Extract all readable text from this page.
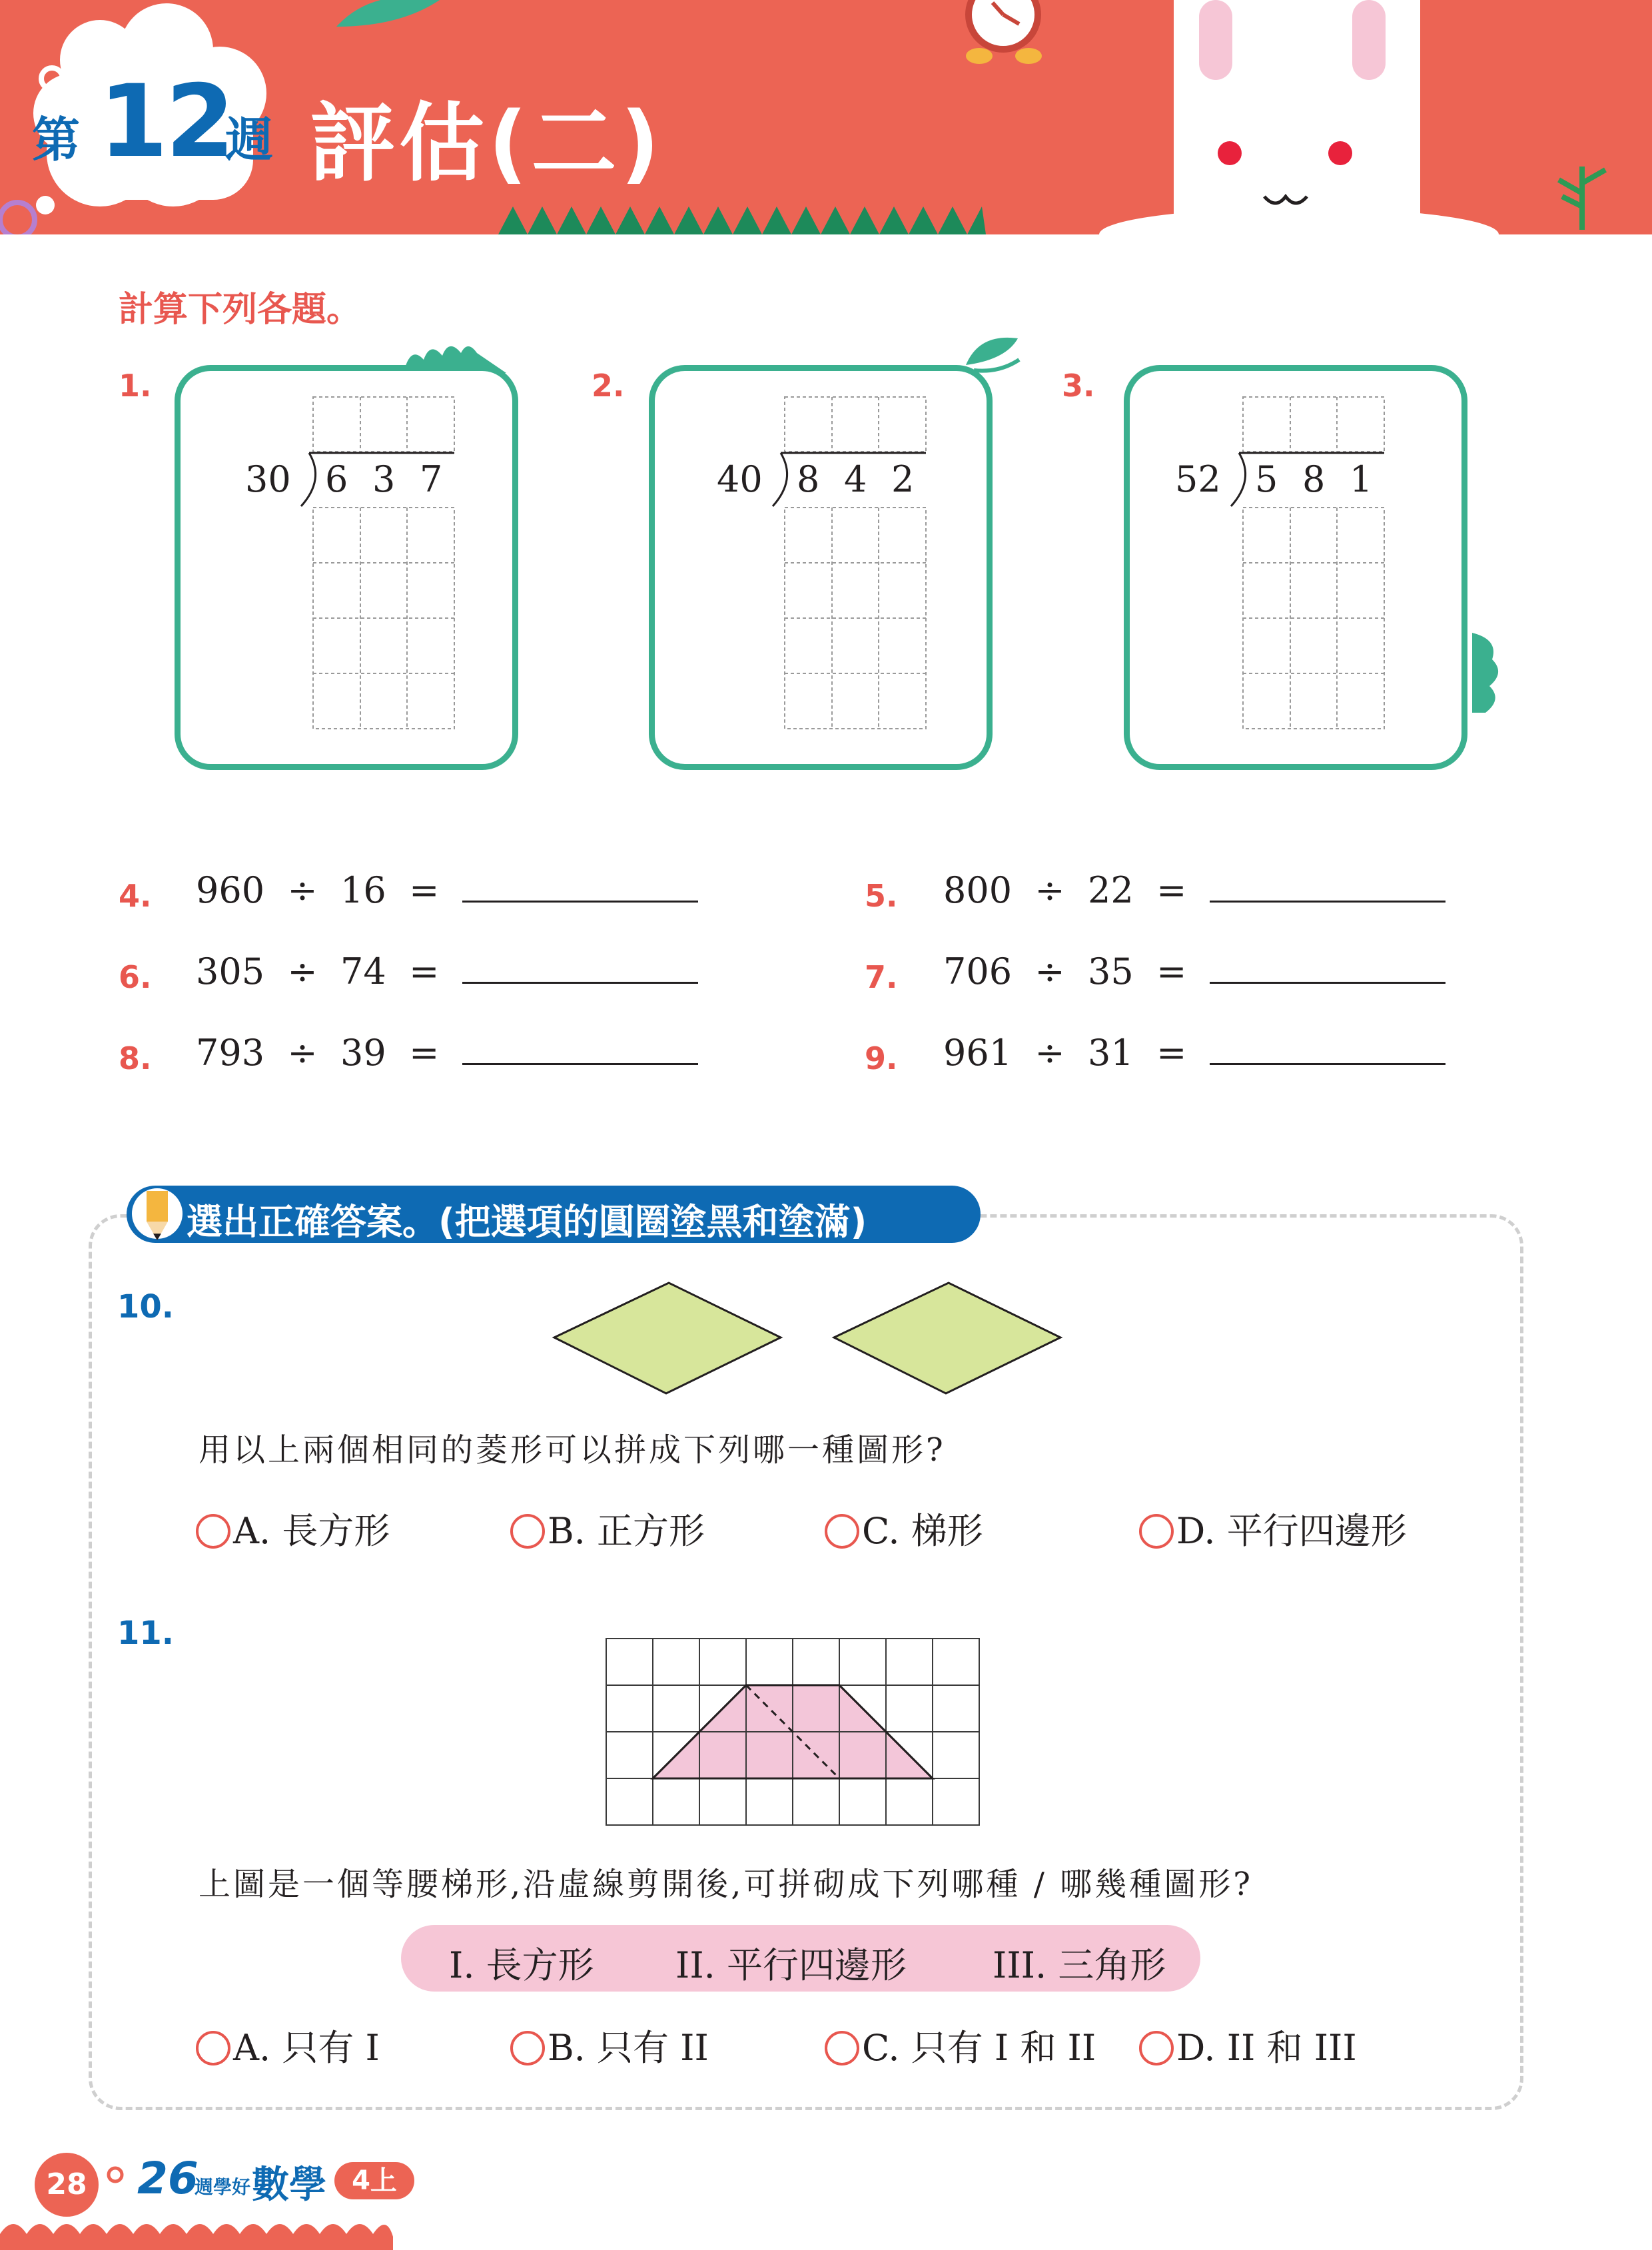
第 12
週 評估(二)
計算下列各題。
1.	2.	3.
30 6 3 7	40 8 4 2	52 5 8 1
4. 960 ÷ 16 =	5. 800 ÷ 22 =
6. 305 ÷ 74 =	7. 706 ÷ 35 =
8. 793 ÷ 39 =	9. 961 ÷ 31 =
選出正確答案。(把選項的圓圈塗黑和塗滿)
10.
用以上兩個相同的菱形可以拼成下列哪一種圖形?
A. 長方形	B. 正方形	C. 梯形	D. 平行四邊形
11.
上圖是一個等腰梯形,沿虛線剪開後,可拼砌成下列哪種 / 哪幾種圖形?
I. 長方形 II. 平行四邊形 III. 三角形
A. 只有 I	B. 只有 II	C. 只有 I 和 II	D. II 和 III
28 26
週學好 數學 4上
